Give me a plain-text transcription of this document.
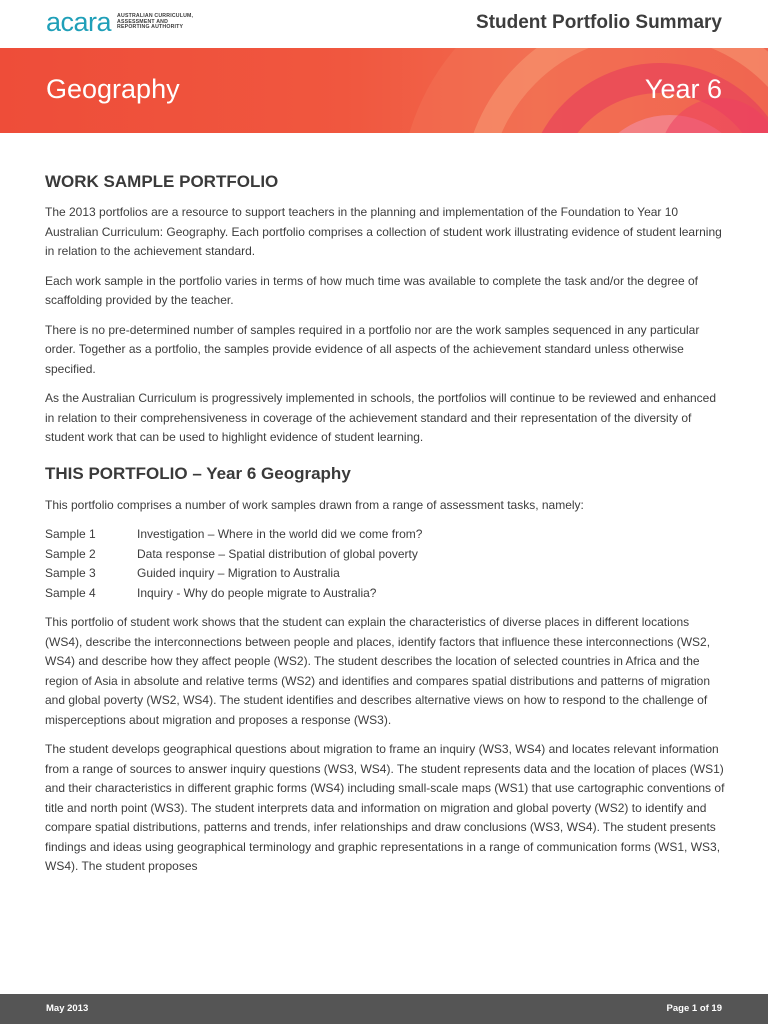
acara AUSTRALIAN CURRICULUM,
ASSESSMENT AND
REPORTING AUTHORITY	Student Portfolio Summary
Geography	Year 6
WORK SAMPLE PORTFOLIO

The 2013 portfolios are a resource to support teachers in the planning and implementation of the Foundation to Year 10 Australian Curriculum: Geography. Each portfolio comprises a collection of student work illustrating evidence of student learning in relation to the achievement standard.

Each work sample in the portfolio varies in terms of how much time was available to complete the task and/or the degree of scaffolding provided by the teacher.

There is no pre-determined number of samples required in a portfolio nor are the work samples sequenced in any particular order. Together as a portfolio, the samples provide evidence of all aspects of the achievement standard unless otherwise specified.

As the Australian Curriculum is progressively implemented in schools, the portfolios will continue to be reviewed and enhanced in relation to their comprehensiveness in coverage of the achievement standard and their representation of the diversity of student work that can be used to highlight evidence of student learning.

THIS PORTFOLIO – Year 6 Geography

This portfolio comprises a number of work samples drawn from a range of assessment tasks, namely:

Sample 1	Investigation – Where in the world did we come from?
Sample 2	Data response – Spatial distribution of global poverty
Sample 3	Guided inquiry – Migration to Australia
Sample 4	Inquiry - Why do people migrate to Australia?

This portfolio of student work shows that the student can explain the characteristics of diverse places in different locations (WS4), describe the interconnections between people and places, identify factors that influence these interconnections (WS2, WS4) and describe how they affect people (WS2). The student describes the location of selected countries in Africa and the region of Asia in absolute and relative terms (WS2) and identifies and compares spatial distributions and patterns of migration and global poverty (WS2, WS4). The student identifies and describes alternative views on how to respond to the challenge of misperceptions about migration and proposes a response (WS3).

The student develops geographical questions about migration to frame an inquiry (WS3, WS4) and locates relevant information from a range of sources to answer inquiry questions (WS3, WS4). The student represents data and the location of places (WS1) and their characteristics in different graphic forms (WS4) including small-scale maps (WS1) that use cartographic conventions of title and north point (WS3). The student interprets data and information on migration and global poverty (WS2) to identify and compare spatial distributions, patterns and trends, infer relationships and draw conclusions (WS3, WS4). The student presents findings and ideas using geographical terminology and graphic representations in a range of communication forms (WS1, WS3, WS4). The student proposes

May 2013	Page 1 of 19
